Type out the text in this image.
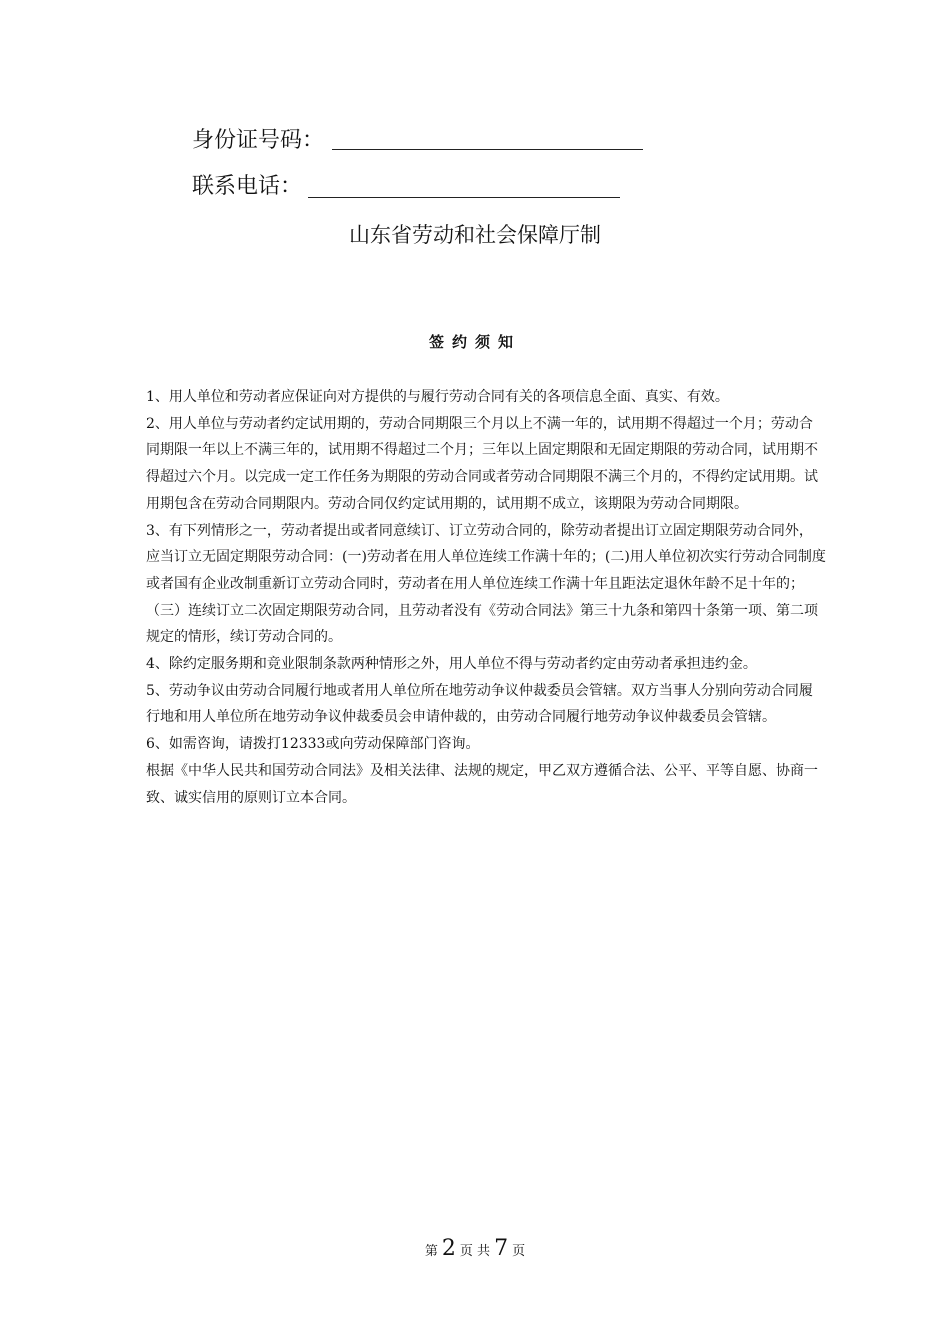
身份证号码：
联系电话：
山东省劳动和社会保障厅制
签约须知

1、用人单位和劳动者应保证向对方提供的与履行劳动合同有关的各项信息全面、真实、有效。

2、用人单位与劳动者约定试用期的，劳动合同期限三个月以上不满一年的，试用期不得超过一个月；劳动合同期限一年以上不满三年的，试用期不得超过二个月；三年以上固定期限和无固定期限的劳动合同，试用期不得超过六个月。以完成一定工作任务为期限的劳动合同或者劳动合同期限不满三个月的，不得约定试用期。试用期包含在劳动合同期限内。劳动合同仅约定试用期的，试用期不成立，该期限为劳动合同期限。

3、有下列情形之一，劳动者提出或者同意续订、订立劳动合同的，除劳动者提出订立固定期限劳动合同外，应当订立无固定期限劳动合同：(一)劳动者在用人单位连续工作满十年的；(二)用人单位初次实行劳动合同制度或者国有企业改制重新订立劳动合同时，劳动者在用人单位连续工作满十年且距法定退休年龄不足十年的；（三）连续订立二次固定期限劳动合同，且劳动者没有《劳动合同法》第三十九条和第四十条第一项、第二项规定的情形，续订劳动合同的。

4、除约定服务期和竞业限制条款两种情形之外，用人单位不得与劳动者约定由劳动者承担违约金。

5、劳动争议由劳动合同履行地或者用人单位所在地劳动争议仲裁委员会管辖。双方当事人分别向劳动合同履行地和用人单位所在地劳动争议仲裁委员会申请仲裁的，由劳动合同履行地劳动争议仲裁委员会管辖。

6、如需咨询，请拨打12333或向劳动保障部门咨询。

根据《中华人民共和国劳动合同法》及相关法律、法规的规定，甲乙双方遵循合法、公平、平等自愿、协商一致、诚实信用的原则订立本合同。

第 2 页 共 7 页
